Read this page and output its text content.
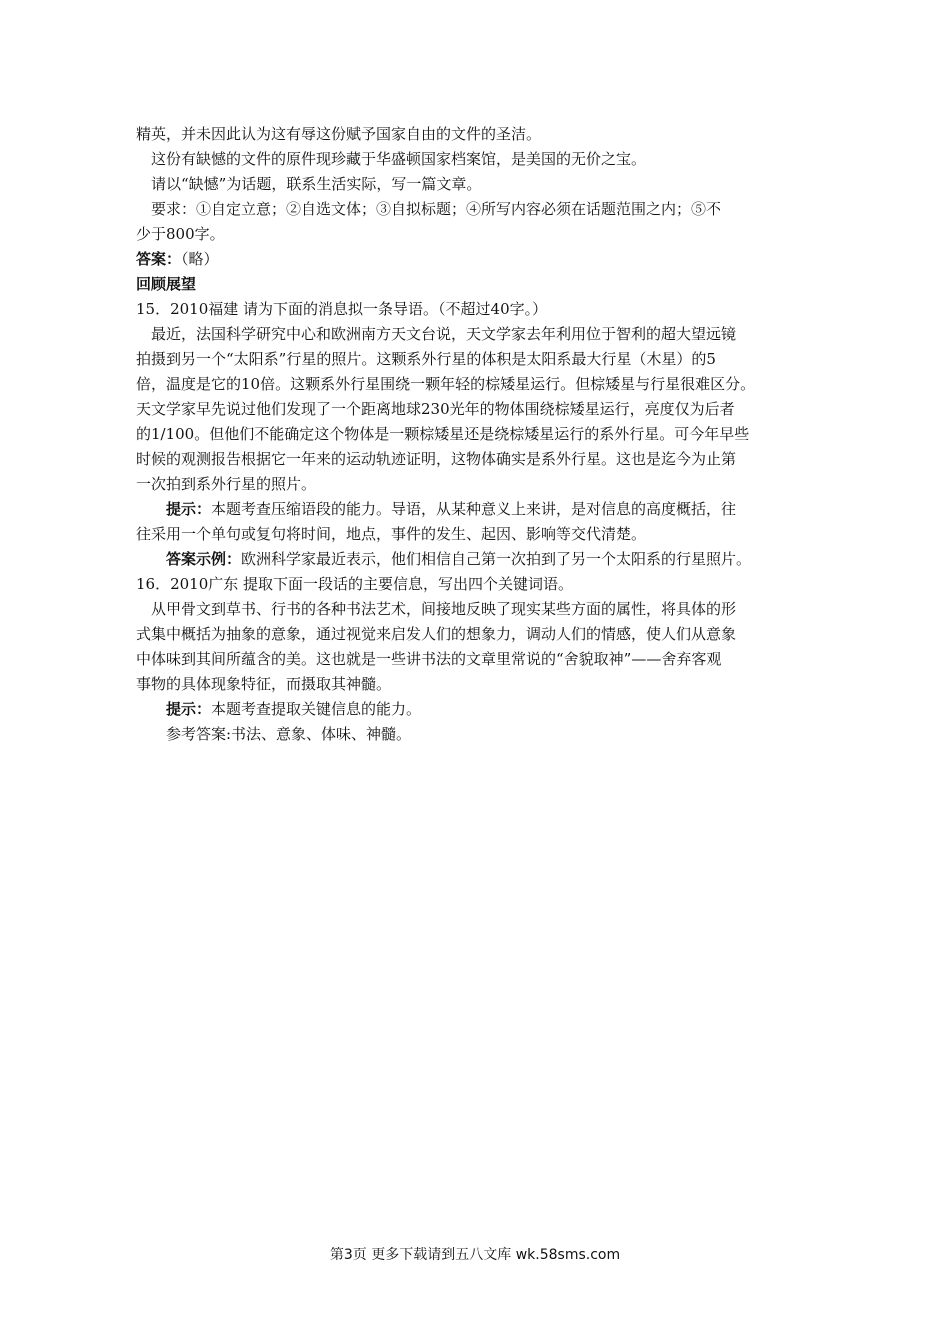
精英，并未因此认为这有辱这份赋予国家自由的文件的圣洁。
这份有缺憾的文件的原件现珍藏于华盛顿国家档案馆，是美国的无价之宝。
请以“缺憾”为话题，联系生活实际，写一篇文章。
要求：①自定立意；②自选文体；③自拟标题；④所写内容必须在话题范围之内；⑤不
少于800字。
答案：（略）
回顾展望
15．2010福建 请为下面的消息拟一条导语。（不超过40字。）
最近，法国科学研究中心和欧洲南方天文台说，天文学家去年利用位于智利的超大望远镜
拍摄到另一个“太阳系”行星的照片。这颗系外行星的体积是太阳系最大行星（木星）的5
倍，温度是它的10倍。这颗系外行星围绕一颗年轻的棕矮星运行。但棕矮星与行星很难区分。
天文学家早先说过他们发现了一个距离地球230光年的物体围绕棕矮星运行，亮度仅为后者
的1/100。但他们不能确定这个物体是一颗棕矮星还是绕棕矮星运行的系外行星。可今年早些
时候的观测报告根据它一年来的运动轨迹证明，这物体确实是系外行星。这也是迄今为止第
一次拍到系外行星的照片。
提示：本题考查压缩语段的能力。导语，从某种意义上来讲，是对信息的高度概括，往
往采用一个单句或复句将时间，地点，事件的发生、起因、影响等交代清楚。
答案示例：欧洲科学家最近表示，他们相信自己第一次拍到了另一个太阳系的行星照片。
16．2010广东 提取下面一段话的主要信息，写出四个关键词语。
从甲骨文到草书、行书的各种书法艺术，间接地反映了现实某些方面的属性，将具体的形
式集中概括为抽象的意象，通过视觉来启发人们的想象力，调动人们的情感，使人们从意象
中体味到其间所蕴含的美。这也就是一些讲书法的文章里常说的“舍貌取神”——舍弃客观
事物的具体现象特征，而摄取其神髓。
提示：本题考查提取关键信息的能力。
参考答案:书法、意象、体味、神髓。
第3页 更多下载请到五八文库 wk.58sms.com
